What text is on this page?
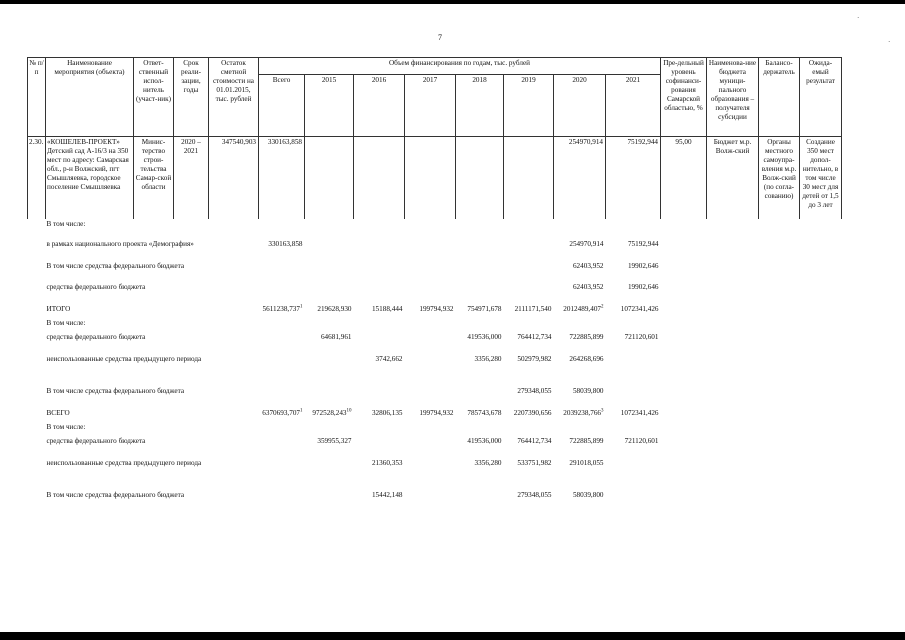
7
·
·
№ п/п	Наименование мероприятия (объекта)	Ответ-ственный испол-нитель (участ-ник)	Срок реали-зации, годы	Остаток сметной стоимости на 01.01.2015, тыс. рублей	Объем финансирования по годам, тыс. рублей								Пре-дельный уровень софинанси-рования Самарской областью, %	Наименова-ние бюджета муници-пального образования – получателя субсидии	Балансо-держатель	Ожида-емый результат
					Всего	2015	2016	2017	2018	2019	2020	2021				
2.30.	«КОШЕЛЕВ-ПРОЕКТ» Детский сад А-16/3 на 350 мест по адресу: Самарская обл., р-н Волжский, пгт Смышляевка, городское поселение Смышляевка	Минис-терство строи-тельства Самар-ской области	2020 – 2021	347540,903	330163,858						254970,914	75192,944	95,00	Бюджет м.р. Волж-ский	Органы местного самоупра-вления м.р. Волж-ский (по согла-сованию)	Создание 350 мест допол-нительно, в том числе 30 мест для детей от 1,5 до 3 лет
	В том числе:															
	в рамках национального проекта «Демография»				330163,858						254970,914	75192,944				
	В том числе средства федерального бюджета										62403,952	19902,646				
	средства федерального бюджета										62403,952	19902,646				
	ИТОГО				5611238,737$^1$	219628,930	15188,444	199794,932	754971,678	2111171,540	2012489,407$^2$	1072341,426				
	В том числе:															
	средства федерального бюджета					64681,961			419536,000	764412,734	722885,899	721120,601				
	неиспользованные средства предыдущего периода						3742,662		3356,280	502979,982	264268,696					
	В том числе средства федерального бюджета									279348,055	58039,800					
	ВСЕГО				6370693,707$^1$	972528,243$^{10}$	32806,135	199794,932	785743,678	2207390,656	2039238,766$^3$	1072341,426				
	В том числе:															
	средства федерального бюджета					359955,327			419536,000	764412,734	722885,899	721120,601				
	неиспользованные средства предыдущего периода						21360,353		3356,280	533751,982	291018,055					
	В том числе средства федерального бюджета						15442,148			279348,055	58039,800					
